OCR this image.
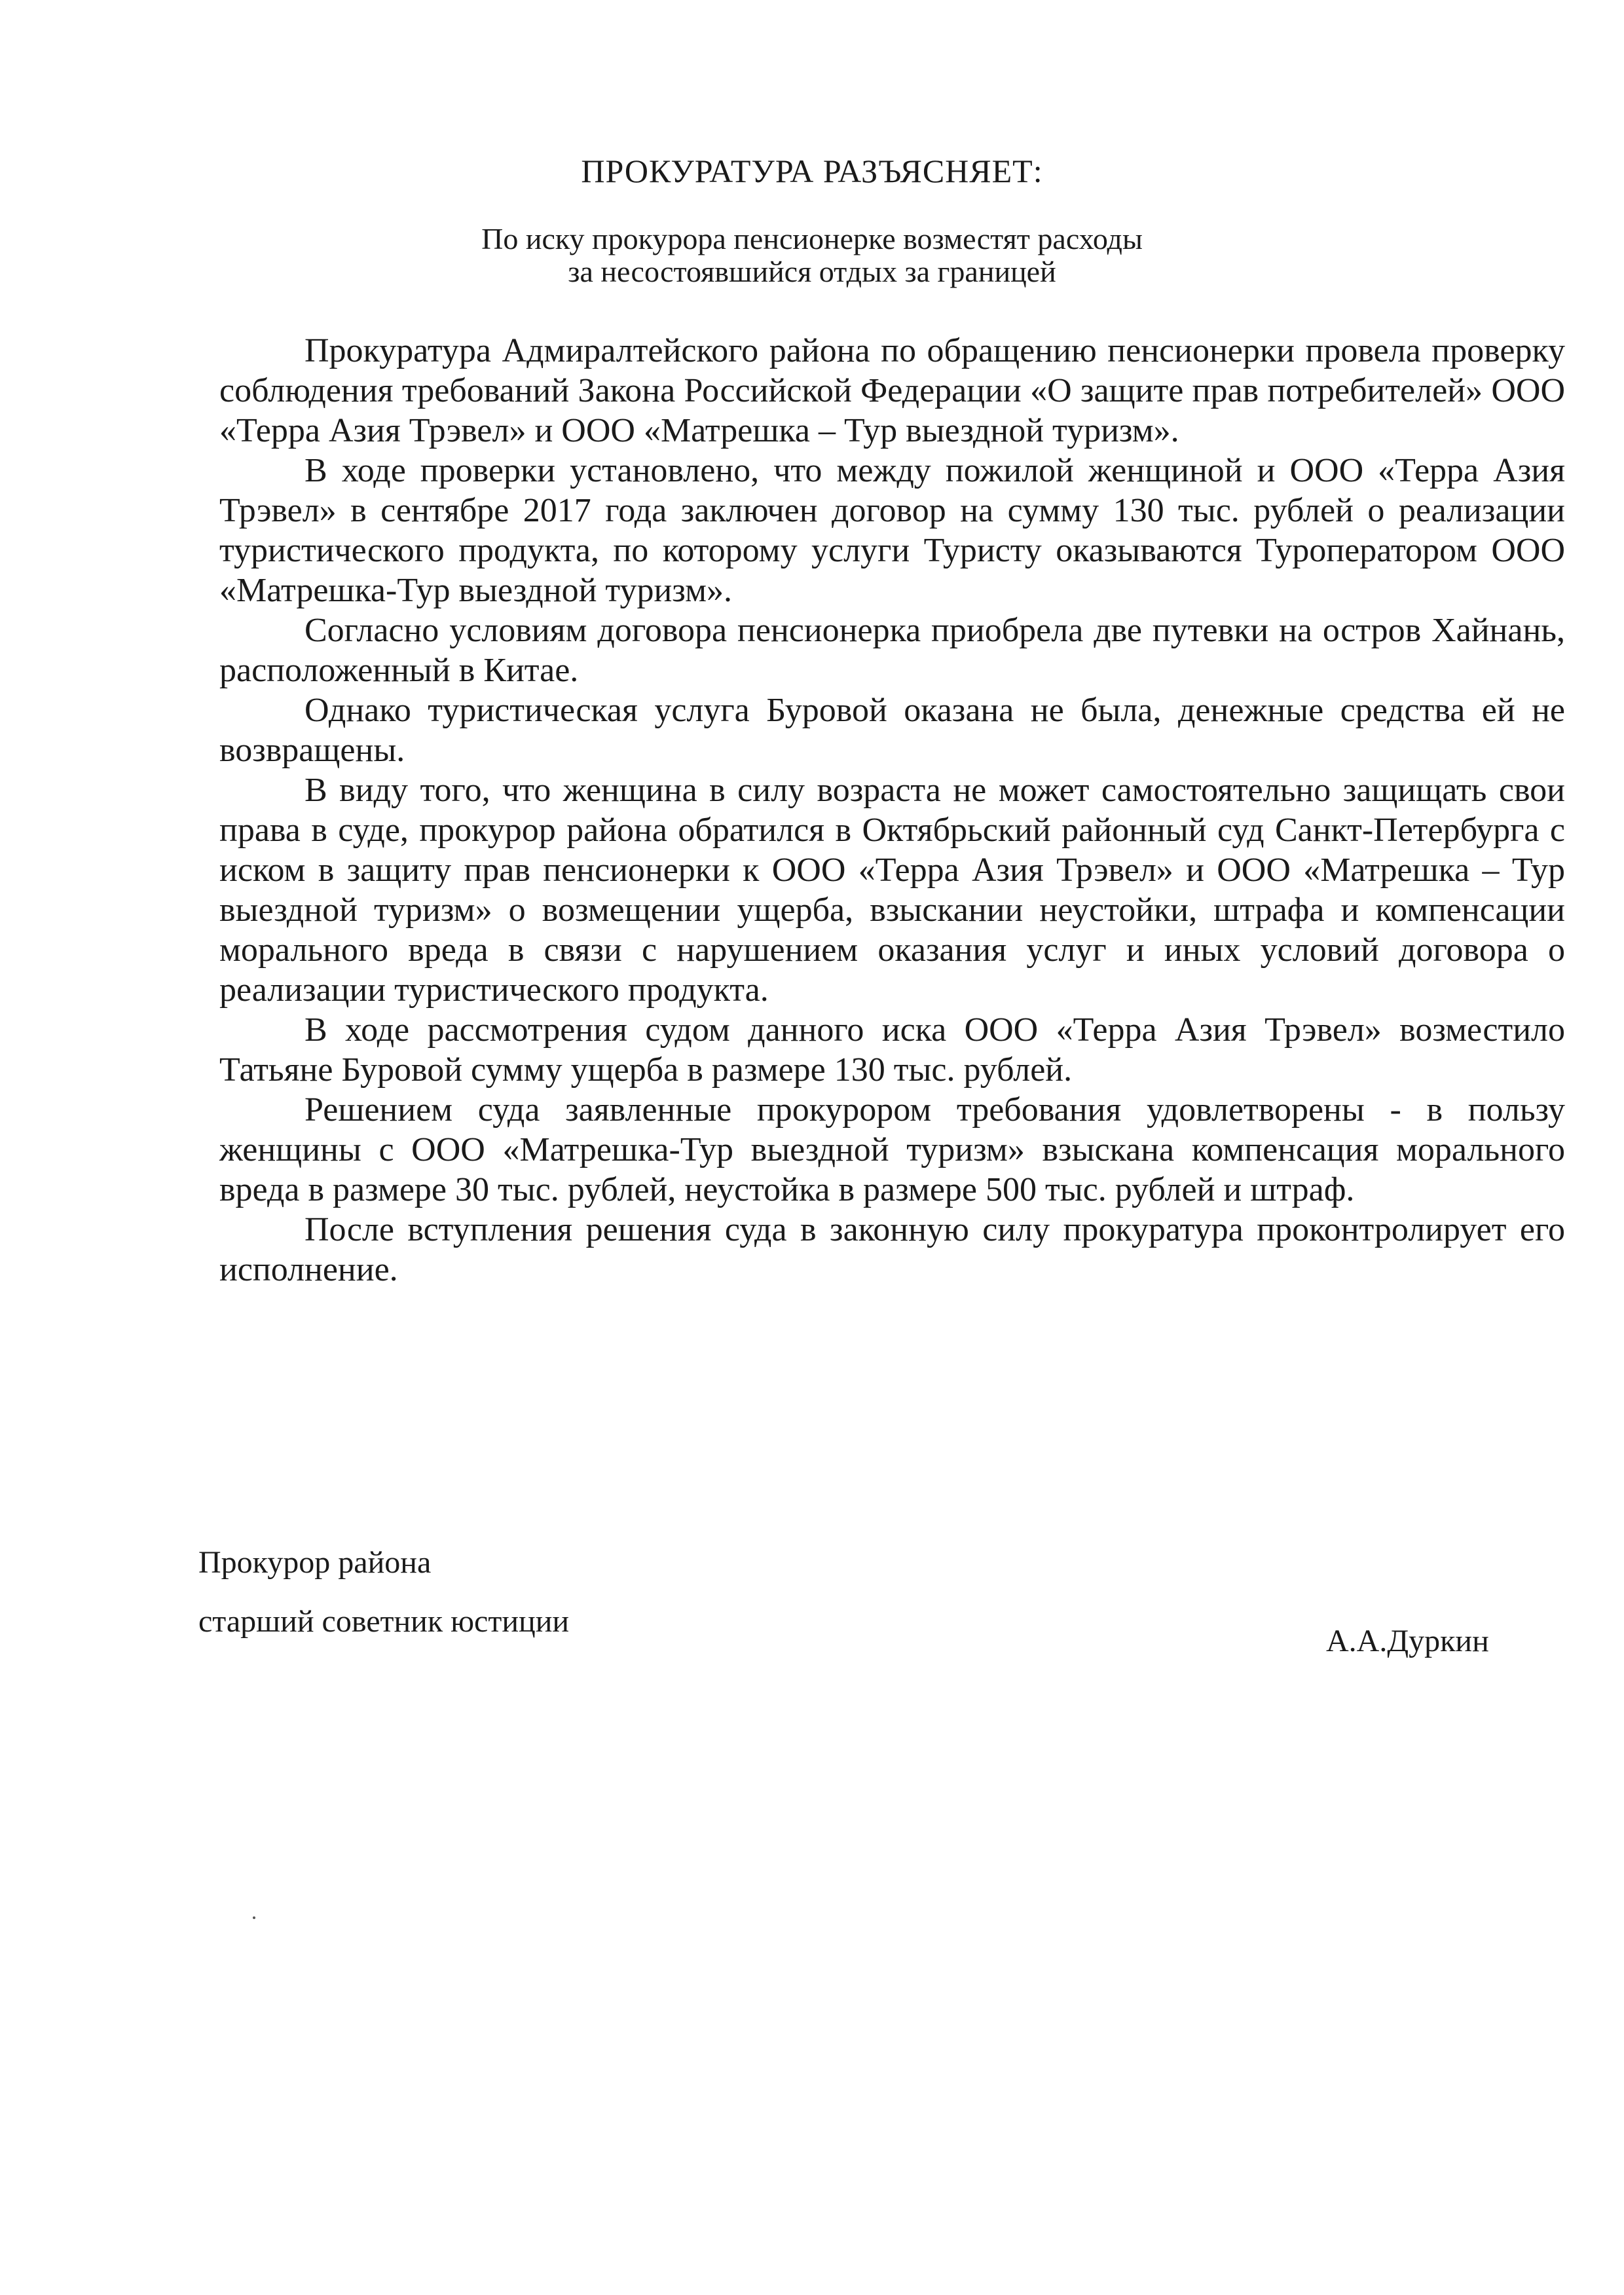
ПРОКУРАТУРА РАЗЪЯСНЯЕТ:
По иску прокурора пенсионерке возместят расходы
за несостоявшийся отдых за границей

Прокуратура Адмиралтейского района по обращению пенсионерки провела проверку соблюдения требований Закона Российской Федерации «О защите прав потребителей» ООО «Терра Азия Трэвел» и ООО «Матрешка – Тур выездной туризм».

В ходе проверки установлено, что между пожилой женщиной и ООО «Терра Азия Трэвел» в сентябре 2017 года заключен договор на сумму 130 тыс. рублей о реализации туристического продукта, по которому услуги Туристу оказываются Туроператором ООО «Матрешка-Тур выездной туризм».

Согласно условиям договора пенсионерка приобрела две путевки на остров Хайнань, расположенный в Китае.

Однако туристическая услуга Буровой оказана не была, денежные средства ей не возвращены.

В виду того, что женщина в силу возраста не может самостоятельно защищать свои права в суде, прокурор района обратился в Октябрьский районный суд Санкт-Петербурга с иском в защиту прав пенсионерки к ООО «Терра Азия Трэвел» и ООО «Матрешка – Тур выездной туризм» о возмещении ущерба, взыскании неустойки, штрафа и компенсации морального вреда в связи с нарушением оказания услуг и иных условий договора о реализации туристического продукта.

В ходе рассмотрения судом данного иска ООО «Терра Азия Трэвел» возместило Татьяне Буровой сумму ущерба в размере 130 тыс. рублей.

Решением суда заявленные прокурором требования удовлетворены - в пользу женщины с ООО «Матрешка-Тур выездной туризм» взыскана компенсация морального вреда в размере 30 тыс. рублей, неустойка в размере 500 тыс. рублей и штраф.

После вступления решения суда в законную силу прокуратура проконтролирует его исполнение.

Прокурор района
старший советник юстиции
А.А.Дуркин
